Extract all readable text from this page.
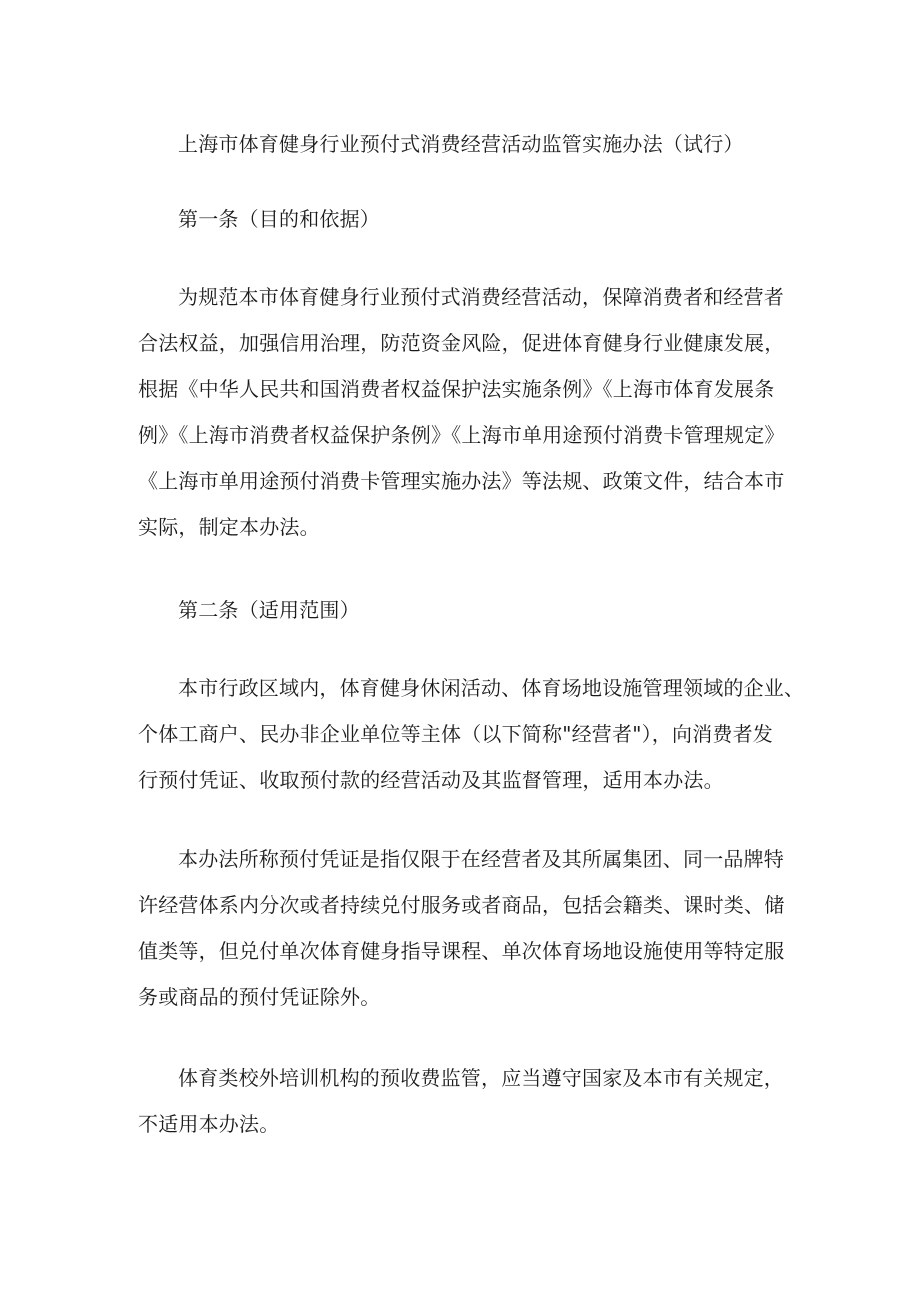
上海市体育健身行业预付式消费经营活动监管实施办法（试行）
第一条（目的和依据）
为规范本市体育健身行业预付式消费经营活动，保障消费者和经营者
合法权益，加强信用治理，防范资金风险，促进体育健身行业健康发展，
根据《中华人民共和国消费者权益保护法实施条例》《上海市体育发展条
例》《上海市消费者权益保护条例》《上海市单用途预付消费卡管理规定》
《上海市单用途预付消费卡管理实施办法》等法规、政策文件，结合本市
实际，制定本办法。
第二条（适用范围）
本市行政区域内，体育健身休闲活动、体育场地设施管理领域的企业、
个体工商户、民办非企业单位等主体（以下简称"经营者"），向消费者发
行预付凭证、收取预付款的经营活动及其监督管理，适用本办法。
本办法所称预付凭证是指仅限于在经营者及其所属集团、同一品牌特
许经营体系内分次或者持续兑付服务或者商品，包括会籍类、课时类、储
值类等，但兑付单次体育健身指导课程、单次体育场地设施使用等特定服
务或商品的预付凭证除外。
体育类校外培训机构的预收费监管，应当遵守国家及本市有关规定，
不适用本办法。
